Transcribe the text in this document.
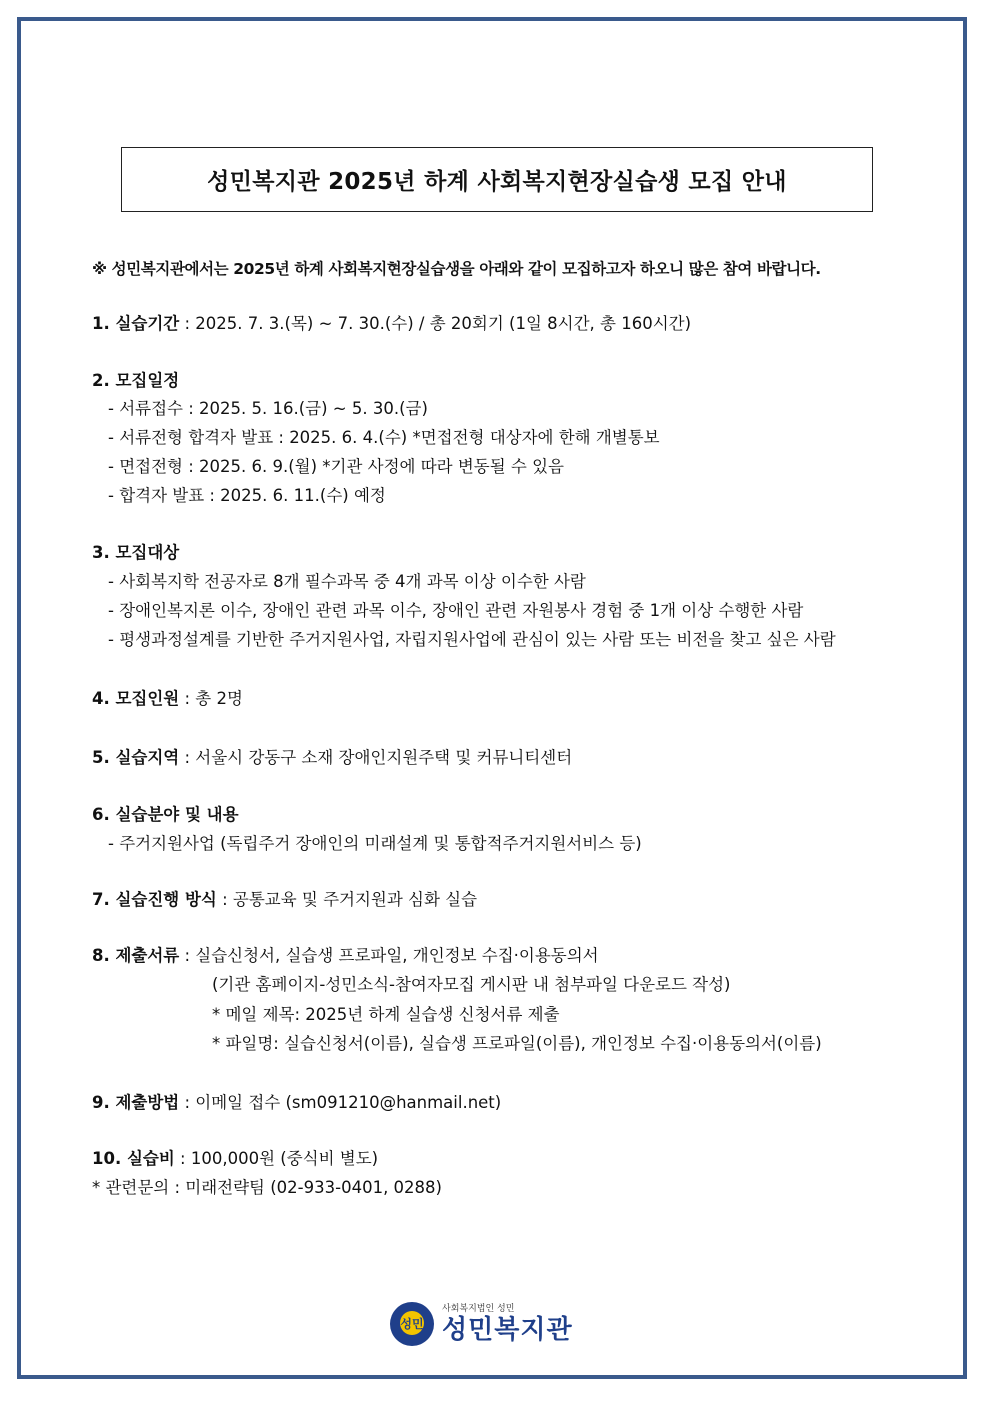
성민복지관 2025년 하계 사회복지현장실습생 모집 안내
※ 성민복지관에서는 2025년 하계 사회복지현장실습생을 아래와 같이 모집하고자 하오니 많은 참여 바랍니다.
1. 실습기간 : 2025. 7. 3.(목) ~ 7. 30.(수) / 총 20회기 (1일 8시간, 총 160시간)
2. 모집일정
- 서류접수 : 2025. 5. 16.(금) ~ 5. 30.(금)
- 서류전형 합격자 발표 : 2025. 6. 4.(수) *면접전형 대상자에 한해 개별통보
- 면접전형 : 2025. 6. 9.(월) *기관 사정에 따라 변동될 수 있음
- 합격자 발표 : 2025. 6. 11.(수) 예정
3. 모집대상
- 사회복지학 전공자로 8개 필수과목 중 4개 과목 이상 이수한 사람
- 장애인복지론 이수, 장애인 관련 과목 이수, 장애인 관련 자원봉사 경험 중 1개 이상 수행한 사람
- 평생과정설계를 기반한 주거지원사업, 자립지원사업에 관심이 있는 사람 또는 비전을 찾고 싶은 사람
4. 모집인원 : 총 2명
5. 실습지역 : 서울시 강동구 소재 장애인지원주택 및 커뮤니티센터
6. 실습분야 및 내용
- 주거지원사업 (독립주거 장애인의 미래설계 및 통합적주거지원서비스 등)
7. 실습진행 방식 : 공통교육 및 주거지원과 심화 실습
8. 제출서류 : 실습신청서, 실습생 프로파일, 개인정보 수집·이용동의서
(기관 홈페이지-성민소식-참여자모집 게시판 내 첨부파일 다운로드 작성)
* 메일 제목: 2025년 하계 실습생 신청서류 제출
* 파일명: 실습신청서(이름), 실습생 프로파일(이름), 개인정보 수집·이용동의서(이름)
9. 제출방법 : 이메일 접수 (sm091210@hanmail.net)
10. 실습비 : 100,000원 (중식비 별도)
* 관련문의 : 미래전략팀 (02-933-0401, 0288)
성민
사회복지법인 성민
성민복지관
